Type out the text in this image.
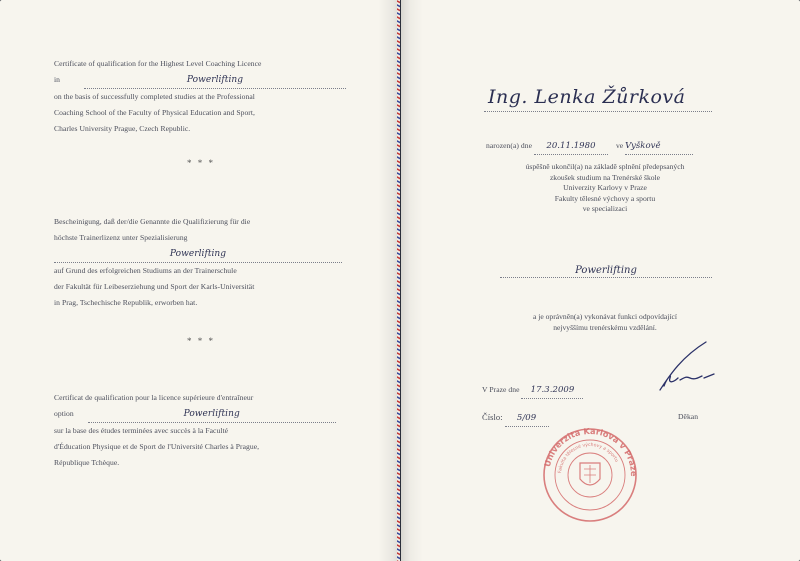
Certificate of qualification for the Highest Level Coaching Licence
in	Powerlifting
on the basis of successfully completed studies at the Professional
Coaching School of the Faculty of Physical Education and Sport,
Charles University Prague, Czech Republic.
* * *
Bescheinigung, daß der/die Genannte die Qualifizierung für die
höchste Trainerlizenz unter Spezialisierung
Powerlifting
auf Grund des erfolgreichen Studiums an der Trainerschule
der Fakultät für Leibeserziehung und Sport der Karls-Universität
in Prag, Tschechische Republik, erworben hat.
* * *
Certificat de qualification pour la licence supérieure d'entraîneur
option	Powerlifting
sur la base des études terminées avec succès à la Faculté
d'Éducation Physique et de Sport de l'Université Charles à Prague,
République Tchèque.
Ing. Lenka Žůrková
narozen(a) dne 20.11.1980	ve Vyškově
úspěšně ukončil(a) na základě splnění předepsaných
zkoušek studium na Trenérské škole
Univerzity Karlovy v Praze
Fakulty tělesné výchovy a sportu
ve specializaci
Powerlifting
a je oprávněn(a) vykonávat funkci odpovídající
nejvyššímu trenérskému vzdělání.
V Praze dne 17.3.2009
Číslo: 5/09	Děkan
Univerzita Karlova v Praze
Fakulta tělesné výchovy a sportu
